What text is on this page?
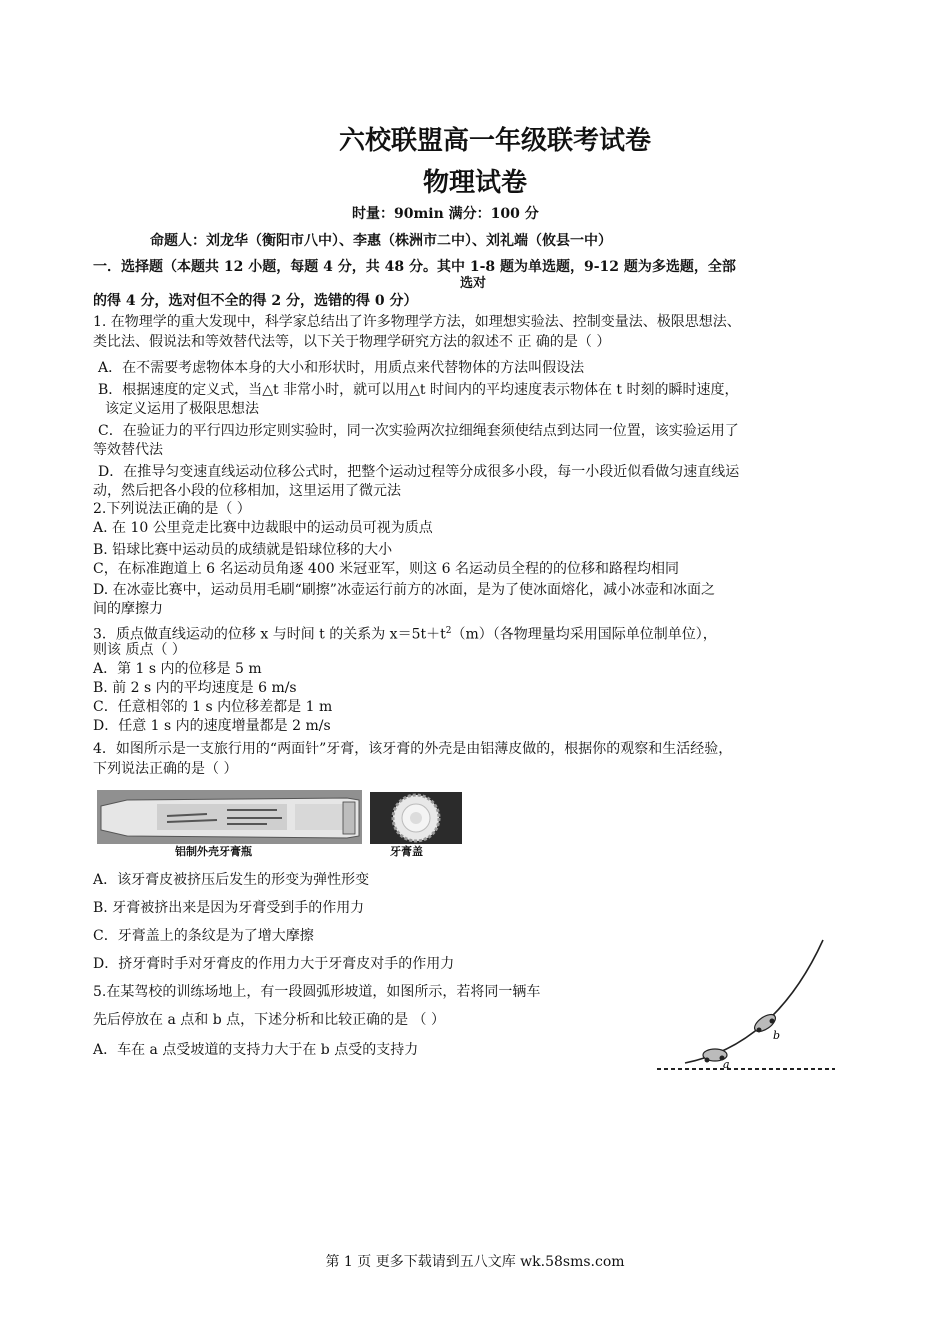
六校联盟高一年级联考试卷
物理试卷
时量：90min 满分：100 分
命题人：刘龙华（衡阳市八中）、李惠（株洲市二中）、刘礼端（攸县一中）
一．选择题（本题共 12 小题，每题 4 分，共 48 分。其中 1-8 题为单选题，9-12 题为多选题，全部
选对
的得 4 分，选对但不全的得 2 分，选错的得 0 分）
1. 在物理学的重大发现中，科学家总结出了许多物理学方法，如理想实验法、控制变量法、极限思想法、
类比法、假说法和等效替代法等，以下关于物理学研究方法的叙述不 正 确的是（ ）
A．在不需要考虑物体本身的大小和形状时，用质点来代替物体的方法叫假设法
B．根据速度的定义式，当△t 非常小时，就可以用△t 时间内的平均速度表示物体在 t 时刻的瞬时速度，
该定义运用了极限思想法
C．在验证力的平行四边形定则实验时，同一次实验两次拉细绳套须使结点到达同一位置，该实验运用了
等效替代法
D．在推导匀变速直线运动位移公式时，把整个运动过程等分成很多小段，每一小段近似看做匀速直线运
动，然后把各小段的位移相加，这里运用了微元法
2.下列说法正确的是（ ）
A. 在 10 公里竞走比赛中边裁眼中的运动员可视为质点
B. 铅球比赛中运动员的成绩就是铅球位移的大小
C，在标准跑道上 6 名运动员角逐 400 米冠亚军，则这 6 名运动员全程的的位移和路程均相同
D. 在冰壶比赛中，运动员用毛刷“刷擦”冰壶运行前方的冰面，是为了使冰面熔化，减小冰壶和冰面之
间的摩擦力
3．质点做直线运动的位移 x 与时间 t 的关系为 $x=5t+t^2(m)$（各物理量均采用国际单位制单位），
则该 质点（ ）
A．第 1 s 内的位移是 5 m
B. 前 2 s 内的平均速度是 6 m/s
C．任意相邻的 1 s 内位移差都是 1 m
D．任意 1 s 内的速度增量都是 2 m/s
4．如图所示是一支旅行用的“两面针”牙膏，该牙膏的外壳是由铝薄皮做的，根据你的观察和生活经验，
下列说法正确的是（ ）
铝制外壳牙膏瓶	牙膏盖
A．该牙膏皮被挤压后发生的形变为弹性形变
B. 牙膏被挤出来是因为牙膏受到手的作用力
C．牙膏盖上的条纹是为了增大摩擦
D．挤牙膏时手对牙膏皮的作用力大于牙膏皮对手的作用力
5.在某驾校的训练场地上，有一段圆弧形坡道，如图所示，若将同一辆车
先后停放在 a 点和 b 点，下述分析和比较正确的是 （ ）
A．车在 a 点受坡道的支持力大于在 b 点受的支持力
a
b
第 1 页 更多下载请到五八文库 wk.58sms.com
